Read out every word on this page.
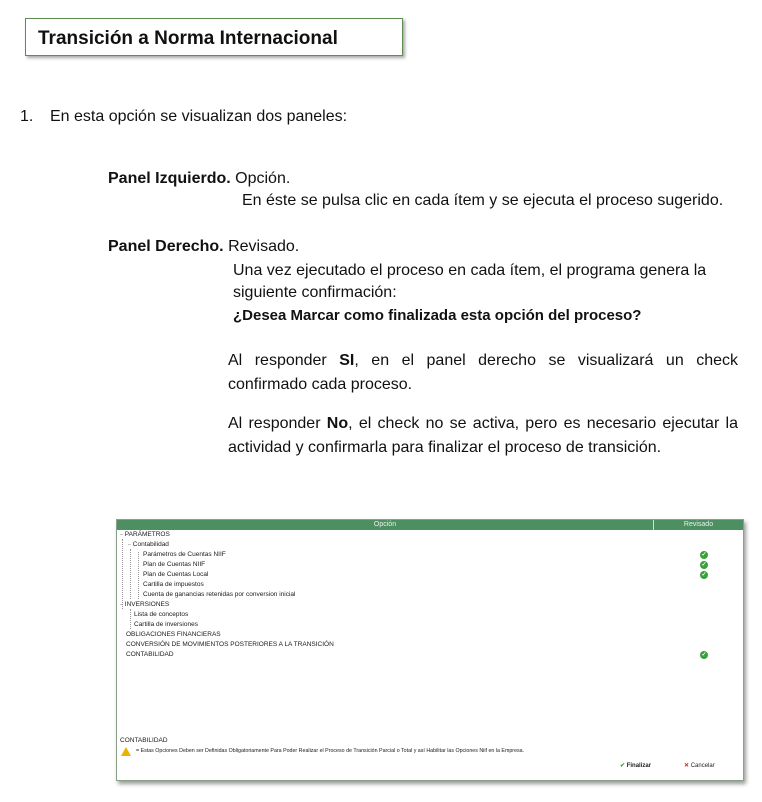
Transición a Norma Internacional
1. En esta opción se visualizan dos paneles:
Panel Izquierdo. Opción.
En éste se pulsa clic en cada ítem y se ejecuta el proceso sugerido.
Panel Derecho. Revisado.
Una vez ejecutado el proceso en cada ítem, el programa genera la
siguiente confirmación:
¿Desea Marcar como finalizada esta opción del proceso?
Al responder SI, en el panel derecho se visualizará un check confirmado cada proceso.
Al responder No, el check no se activa, pero es necesario ejecutar la actividad y confirmarla para finalizar el proceso de transición.
Opción	Revisado
– PARÁMETROS
– Contabilidad
Parámetros de Cuentas NIIF
Plan de Cuentas NIIF
Plan de Cuentas Local
Cartilla de impuestos
Cuenta de ganancias retenidas por conversion inicial
– INVERSIONES
Lista de conceptos
Cartilla de inversiones
OBLIGACIONES FINANCIERAS
CONVERSIÓN DE MOVIMIENTOS POSTERIORES A LA TRANSICIÓN
CONTABILIDAD
✓
✓
✓
✓
CONTABILIDAD
= Estas Opciones Deben ser Definidas Obligatoriamente Para Poder Realizar el Proceso de Transición Parcial o Total y así Habilitar las Opciones Niif en la Empresa.
✔ Finalizar	✕ Cancelar
